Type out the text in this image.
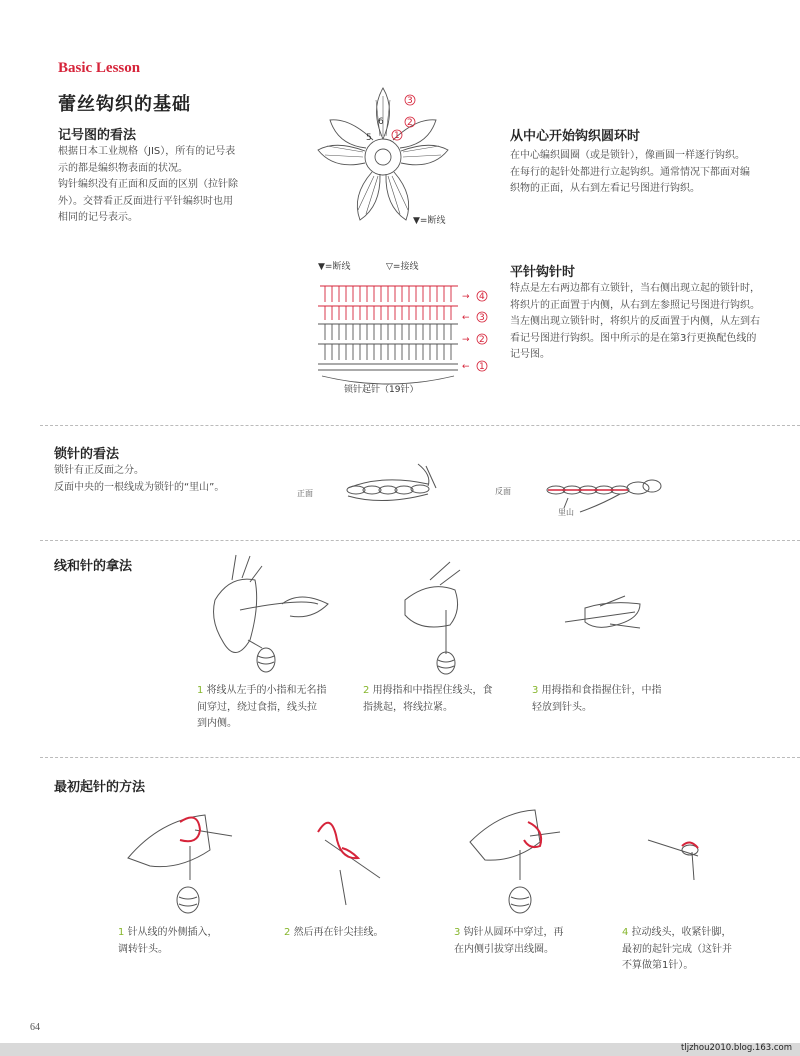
Basic Lesson
蕾丝钩织的基础
记号图的看法
根据日本工业规格（JIS），所有的记号表
示的都是编织物表面的状况。
钩针编织没有正面和反面的区别（拉针除
外）。交替看正反面进行平针编织时也用
相同的记号表示。
6
5
3
2
1
▼=断线
从中心开始钩织圆环时
在中心编织圆圈（或是锁针），像画圆一样逐行钩织。
在每行的起针处都进行立起钩织。通常情况下都面对编
织物的正面，从右到左看记号图进行钩织。
▼=断线	▽=接线
→ 4
← 3
→ 2
← 1
锁针起针（19针）
平针钩针时
特点是左右两边都有立锁针，当右侧出现立起的锁针时，
将织片的正面置于内侧，从右到左参照记号图进行钩织。
当左侧出现立锁针时，将织片的反面置于内侧，从左到右
看记号图进行钩织。图中所示的是在第3行更换配色线的
记号图。
锁针的看法
锁针有正反面之分。
反面中央的一根线成为锁针的“里山”。
正面	反面
里山
线和针的拿法
1 将线从左手的小指和无名指
间穿过，绕过食指，线头拉
到内侧。
2 用拇指和中指捏住线头，食
指挑起，将线拉紧。
3 用拇指和食指握住针，中指
轻放到针头。
最初起针的方法
1 针从线的外侧插入，
调转针头。
2 然后再在针尖挂线。	3 钩针从圆环中穿过，再
在内侧引拔穿出线圈。
4 拉动线头，收紧针脚，
最初的起针完成（这针并
不算做第1针）。
64
tljzhou2010.blog.163.com
